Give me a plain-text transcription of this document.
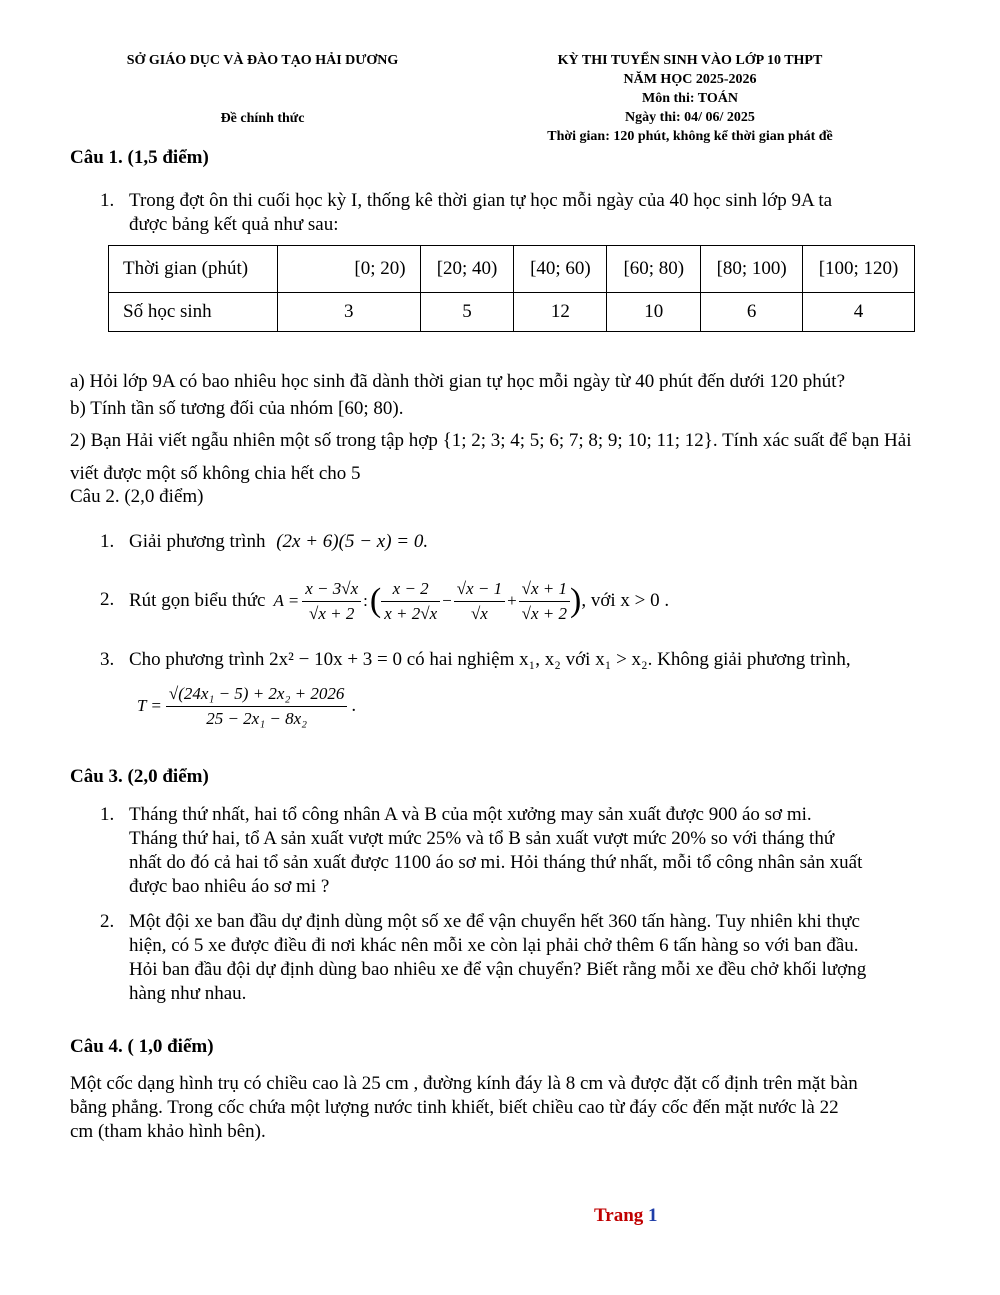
SỞ GIÁO DỤC VÀ ĐÀO TẠO HẢI DƯƠNG
Đề chính thức
KỲ THI TUYỂN SINH VÀO LỚP 10 THPT
NĂM HỌC 2025-2026
Môn thi: TOÁN
Ngày thi: 04/ 06/ 2025
Thời gian: 120 phút, không kể thời gian phát đề
Câu 1. (1,5 điểm)
1. Trong đợt ôn thi cuối học kỳ I, thống kê thời gian tự học mỗi ngày của 40 học sinh lớp 9A ta
được bảng kết quả như sau:
Thời gian (phút)	[0; 20)	[20; 40)	[40; 60)	[60; 80)	[80; 100)	[100; 120)
Số học sinh	3	5	12	10	6	4
a) Hỏi lớp 9A có bao nhiêu học sinh đã dành thời gian tự học mỗi ngày từ 40 phút đến dưới 120 phút?
b) Tính tần số tương đối của nhóm [60; 80).
2) Bạn Hải viết ngẫu nhiên một số trong tập hợp {1; 2; 3; 4; 5; 6; 7; 8; 9; 10; 11; 12}. Tính xác suất để bạn Hải
viết được một số không chia hết cho 5
Câu 2. (2,0 điểm)
1. Giải phương trình (2x + 6)(5 − x) = 0.
2. Rút gọn biểu thức $A = \frac{x - 3√x}{√x + 2}$ : ( $\frac{x - 2}{x + 2√x} - \frac{√x - 1}{√x} + \frac{√x + 1}{√x + 2}$ ) , với x > 0 .
3. Cho phương trình 2x² − 10x + 3 = 0 có hai nghiệm x₁, x₂ với x₁ > x₂. Không giải phương trình,
$T = \frac{\text{√(24x₁ − 5) + 2x₂ + 2026}}{\text{25 − 2x₁ − 8x₂}}$ .
Câu 3. (2,0 điểm)
1. Tháng thứ nhất, hai tổ công nhân A và B của một xưởng may sản xuất được 900 áo sơ mi.
Tháng thứ hai, tổ A sản xuất vượt mức 25% và tổ B sản xuất vượt mức 20% so với tháng thứ
nhất do đó cả hai tổ sản xuất được 1100 áo sơ mi. Hỏi tháng thứ nhất, mỗi tổ công nhân sản xuất
được bao nhiêu áo sơ mi ?
2. Một đội xe ban đầu dự định dùng một số xe để vận chuyển hết 360 tấn hàng. Tuy nhiên khi thực
hiện, có 5 xe được điều đi nơi khác nên mỗi xe còn lại phải chở thêm 6 tấn hàng so với ban đầu.
Hỏi ban đầu đội dự định dùng bao nhiêu xe để vận chuyển? Biết rằng mỗi xe đều chở khối lượng
hàng như nhau.
Câu 4. ( 1,0 điểm)
Một cốc dạng hình trụ có chiều cao là 25 cm , đường kính đáy là 8 cm và được đặt cố định trên mặt bàn
bằng phẳng. Trong cốc chứa một lượng nước tinh khiết, biết chiều cao từ đáy cốc đến mặt nước là 22
cm (tham khảo hình bên).
Trang 1
